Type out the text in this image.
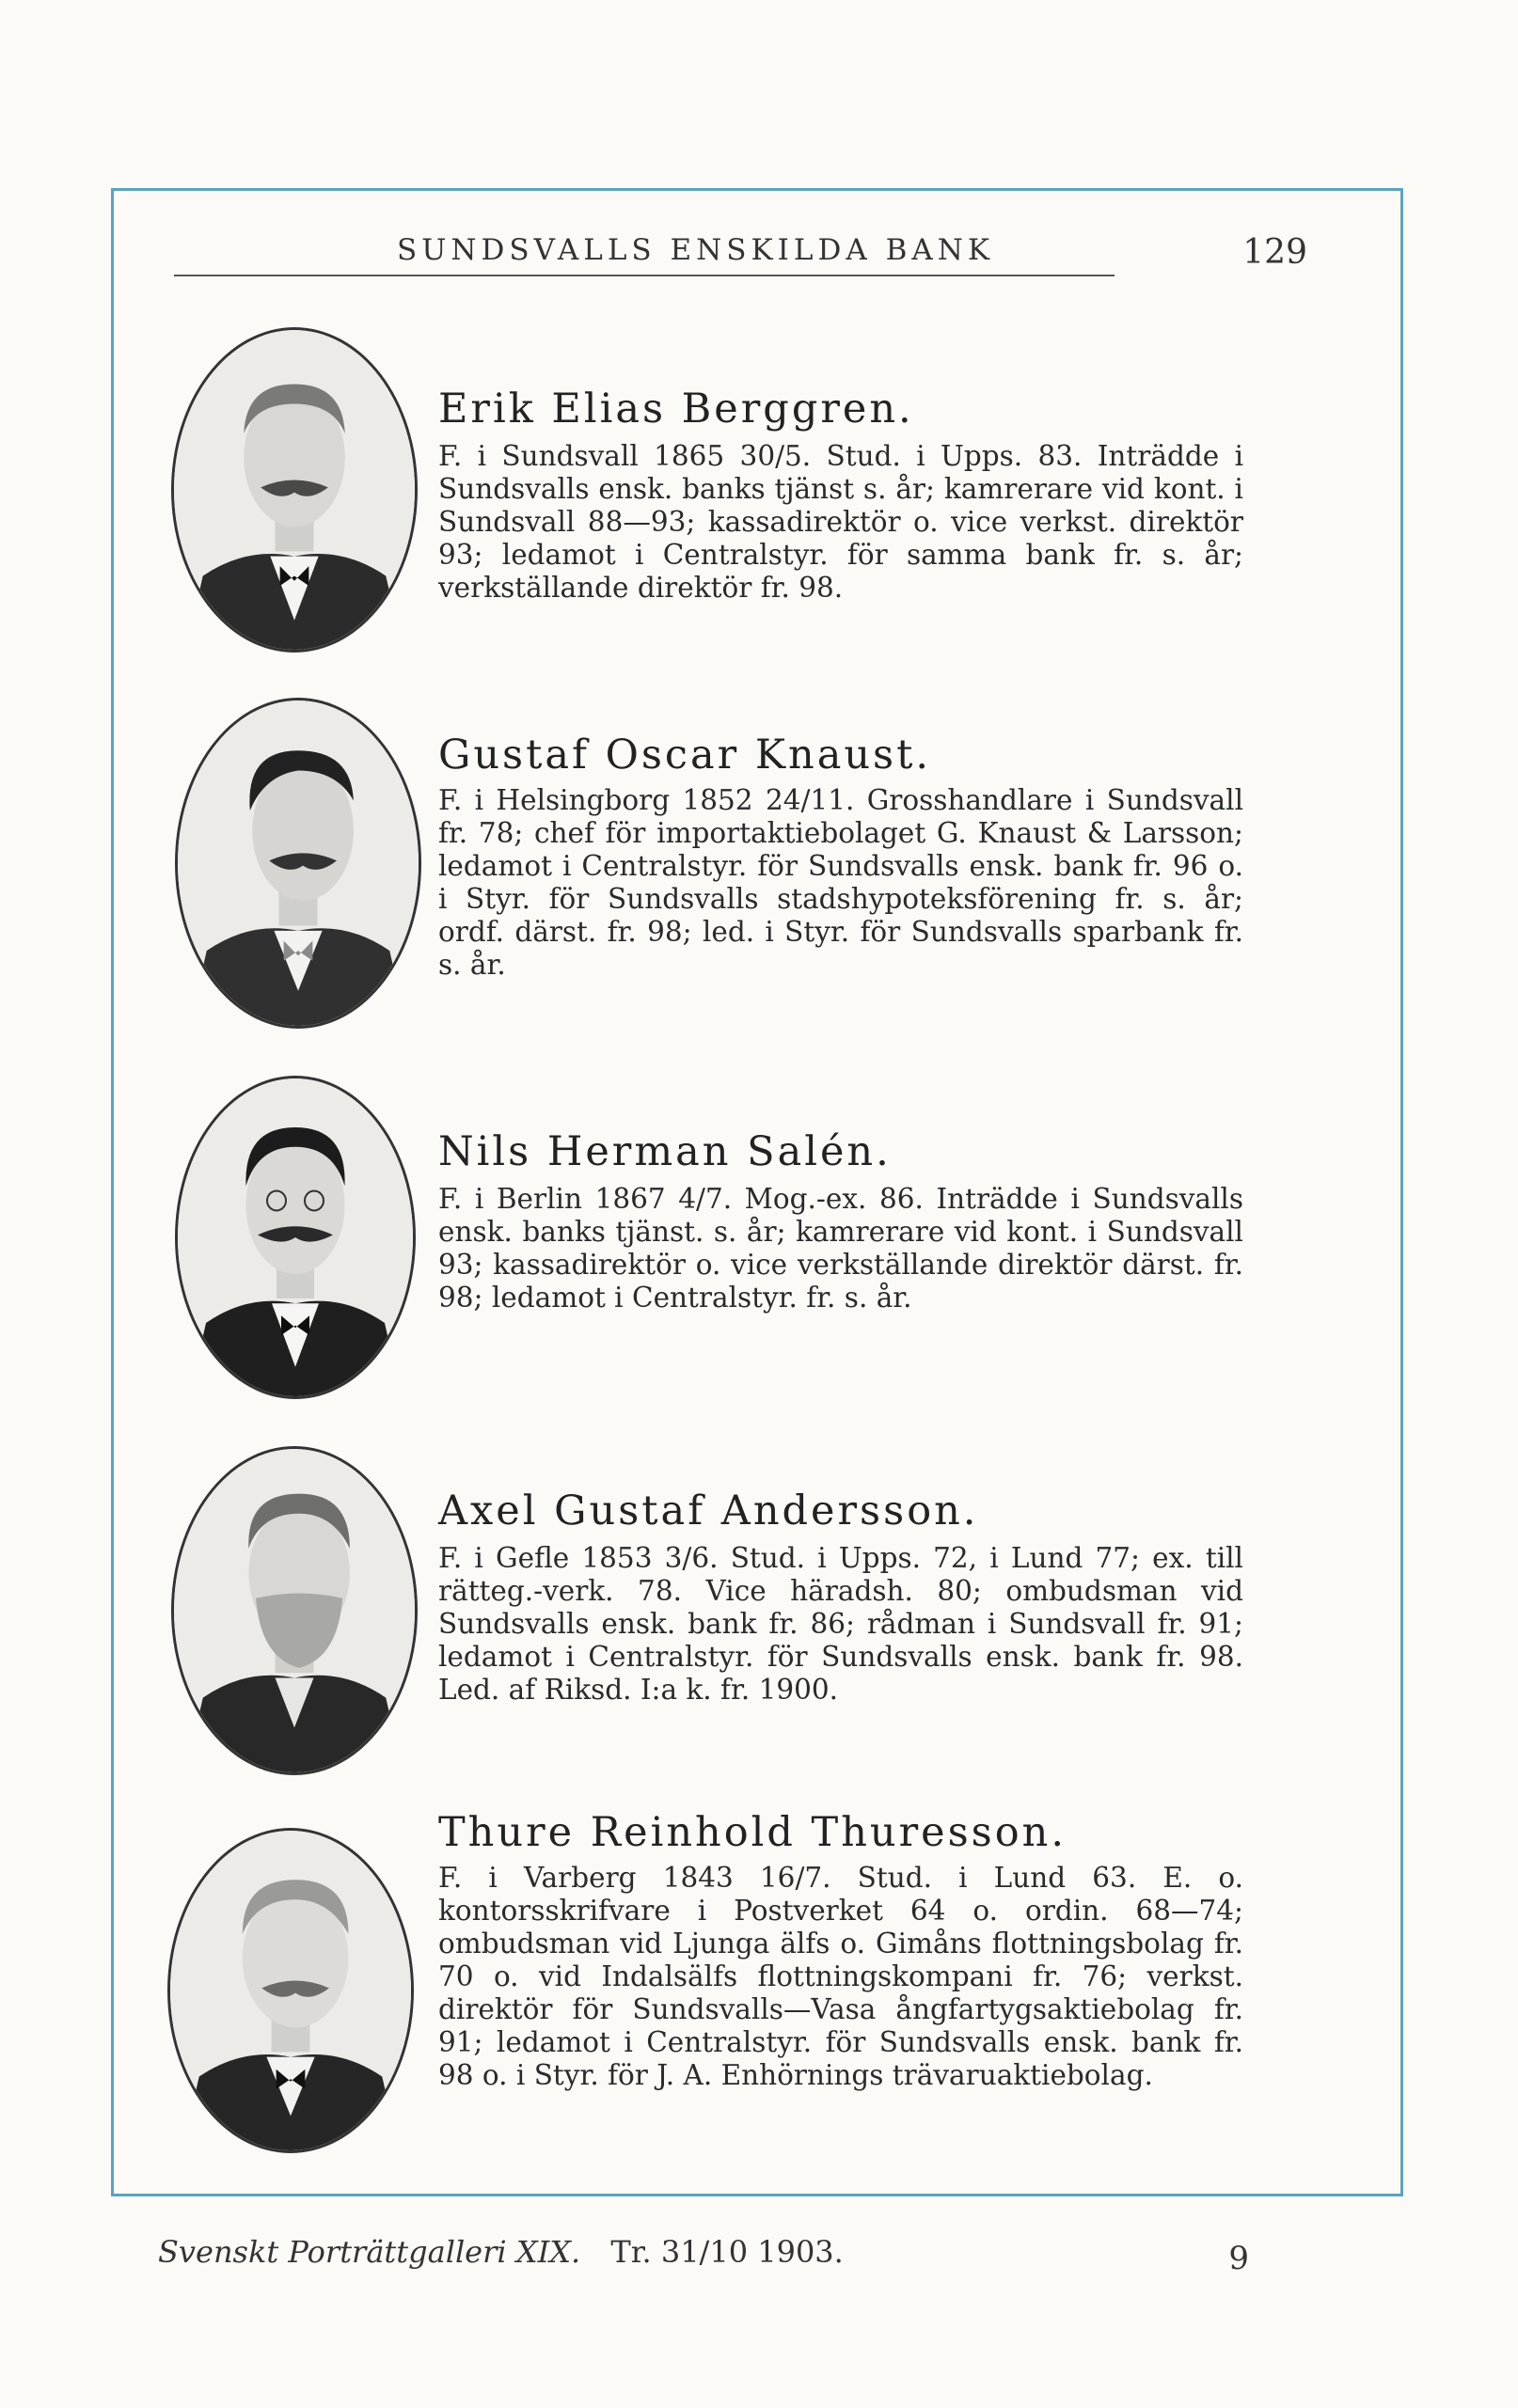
SUNDSVALLS ENSKILDA BANK	129
Erik Elias Berggren.
F. i Sundsvall 1865 30/5. Stud. i Upps. 83. Inträdde i Sundsvalls ensk. banks tjänst s. år; kamrerare vid kont. i Sundsvall 88—93; kassadirektör o. vice verkst. direktör 93; ledamot i Centralstyr. för samma bank fr. s. år; verkställande direktör fr. 98.
Gustaf Oscar Knaust.
F. i Helsingborg 1852 24/11. Grosshandlare i Sundsvall fr. 78; chef för importaktiebolaget G. Knaust & Larsson; ledamot i Centralstyr. för Sundsvalls ensk. bank fr. 96 o. i Styr. för Sundsvalls stadshypoteksförening fr. s. år; ordf. därst. fr. 98; led. i Styr. för Sundsvalls sparbank fr. s. år.
Nils Herman Salén.
F. i Berlin 1867 4/7. Mog.-ex. 86. Inträdde i Sundsvalls ensk. banks tjänst. s. år; kamrerare vid kont. i Sundsvall 93; kassadirektör o. vice verkställande direktör därst. fr. 98; ledamot i Centralstyr. fr. s. år.
Axel Gustaf Andersson.
F. i Gefle 1853 3/6. Stud. i Upps. 72, i Lund 77; ex. till rätteg.-verk. 78. Vice häradsh. 80; ombudsman vid Sundsvalls ensk. bank fr. 86; rådman i Sundsvall fr. 91; ledamot i Centralstyr. för Sundsvalls ensk. bank fr. 98. Led. af Riksd. I:a k. fr. 1900.
Thure Reinhold Thuresson.
F. i Varberg 1843 16/7. Stud. i Lund 63. E. o. kontorsskrifvare i Postverket 64 o. ordin. 68—74; ombudsman vid Ljunga älfs o. Gimåns flottningsbolag fr. 70 o. vid Indalsälfs flottningskompani fr. 76; verkst. direktör för Sundsvalls—Vasa ångfartygsaktiebolag fr. 91; ledamot i Centralstyr. för Sundsvalls ensk. bank fr. 98 o. i Styr. för J. A. Enhörnings trävaruaktiebolag.
Svenskt Porträttgalleri XIX. Tr. 31/10 1903.	9
